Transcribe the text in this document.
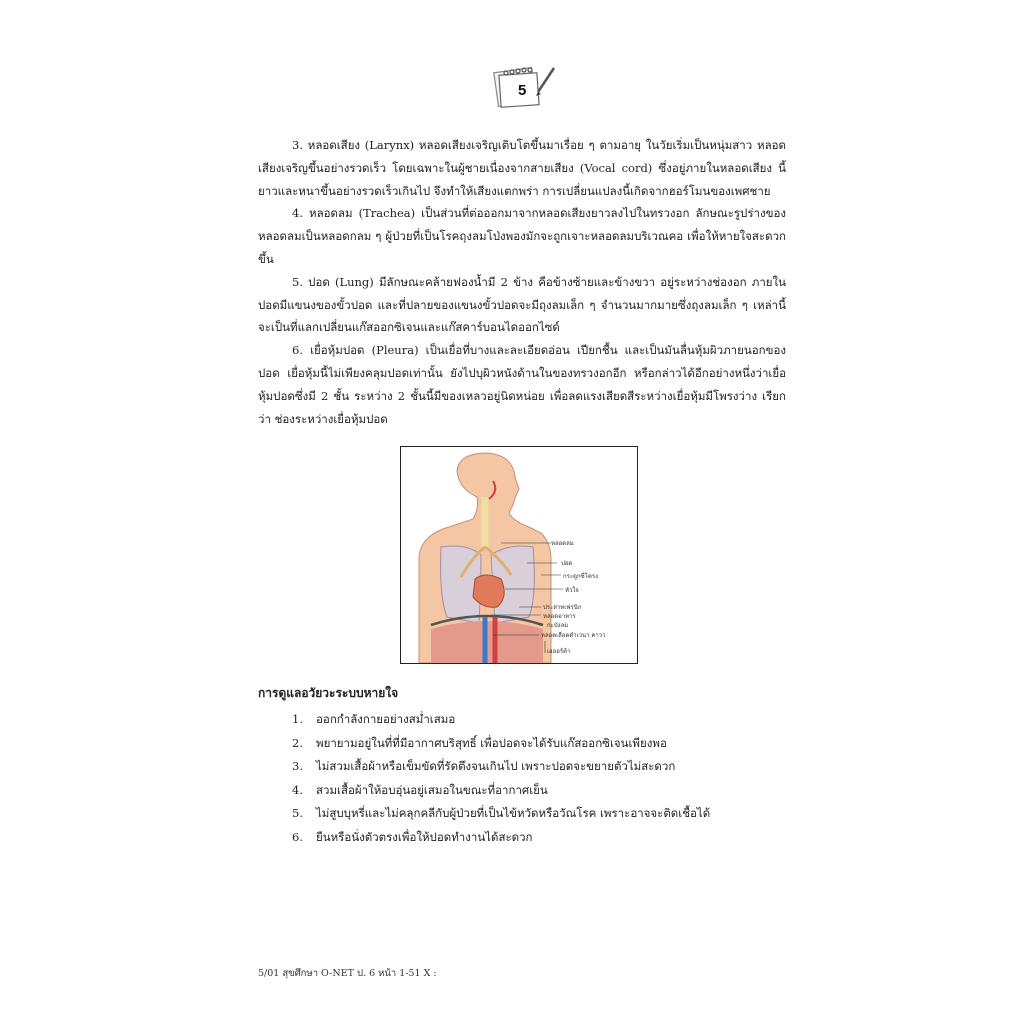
5

3. หลอดเสียง (Larynx) หลอดเสียงเจริญเติบโตขึ้นมาเรื่อย ๆ ตามอายุ ในวัยเริ่มเป็นหนุ่มสาว หลอดเสียงเจริญขึ้นอย่างรวดเร็ว โดยเฉพาะในผู้ชายเนื่องจากสายเสียง (Vocal cord) ซึ่งอยู่ภายในหลอดเสียง นี้ยาวและหนาขึ้นอย่างรวดเร็วเกินไป จึงทำให้เสียงแตกพร่า การเปลี่ยนแปลงนี้เกิดจากฮอร์โมนของเพศชาย

4. หลอดลม (Trachea) เป็นส่วนที่ต่อออกมาจากหลอดเสียงยาวลงไปในทรวงอก ลักษณะรูปร่างของหลอดลมเป็นหลอดกลม ๆ ผู้ป่วยที่เป็นโรคถุงลมโป่งพองมักจะถูกเจาะหลอดลมบริเวณคอ เพื่อให้หายใจสะดวกขึ้น

5. ปอด (Lung) มีลักษณะคล้ายฟองน้ำมี 2 ข้าง คือข้างซ้ายและข้างขวา อยู่ระหว่างช่องอก ภายในปอดมีแขนงของขั้วปอด และที่ปลายของแขนงขั้วปอดจะมีถุงลมเล็ก ๆ จำนวนมากมายซึ่งถุงลมเล็ก ๆ เหล่านี้จะเป็นที่แลกเปลี่ยนแก๊สออกซิเจนและแก๊สคาร์บอนไดออกไซด์

6. เยื่อหุ้มปอด (Pleura) เป็นเยื่อที่บางและละเอียดอ่อน เปียกชื้น และเป็นมันลื่นหุ้มผิวภายนอกของปอด เยื่อหุ้มนี้ไม่เพียงคลุมปอดเท่านั้น ยังไปบุผิวหนังด้านในของทรวงอกอีก หรือกล่าวได้อีกอย่างหนึ่งว่าเยื่อหุ้มปอดซึ่งมี 2 ชั้น ระหว่าง 2 ชั้นนี้มีของเหลวอยู่นิดหน่อย เพื่อลดแรงเสียดสีระหว่างเยื่อหุ้มมีโพรงว่าง เรียกว่า ช่องระหว่างเยื่อหุ้มปอด

หลอดลม
ปอด
กระดูกซี่โครง
หัวใจ
ประสาทเฟรนิก
หลอดอาหาร
กะบังลม
หลอดเลือดดำเวนา คาวา
เอออร์ต้า
การดูแลอวัยวะระบบหายใจ
1.	ออกกำลังกายอย่างสม่ำเสมอ
2.	พยายามอยู่ในที่ที่มีอากาศบริสุทธิ์ เพื่อปอดจะได้รับแก๊สออกซิเจนเพียงพอ
3.	ไม่สวมเสื้อผ้าหรือเข็มขัดที่รัดตึงจนเกินไป เพราะปอดจะขยายตัวไม่สะดวก
4.	สวมเสื้อผ้าให้อบอุ่นอยู่เสมอในขณะที่อากาศเย็น
5.	ไม่สูบบุหรี่และไม่คลุกคลีกับผู้ป่วยที่เป็นไข้หวัดหรือวัณโรค เพราะอาจจะติดเชื้อได้
6.	ยืนหรือนั่งตัวตรงเพื่อให้ปอดทำงานได้สะดวก
5/01 สุขศึกษา O-NET ป. 6 หน้า 1-51 X :
